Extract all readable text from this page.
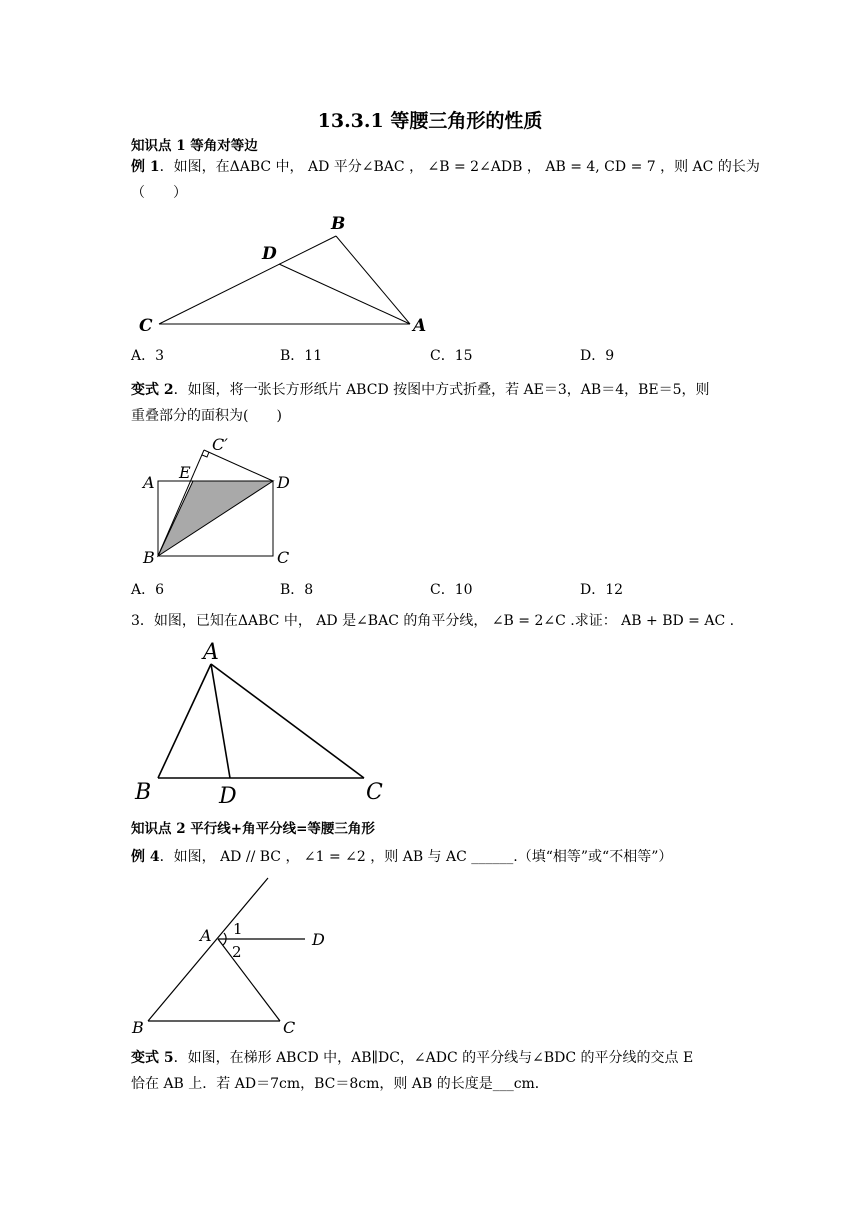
13.3.1 等腰三角形的性质
知识点 1 等角对等边
例 1．如图，在ΔABC 中， AD 平分∠BAC ， ∠B = 2∠ADB ， AB = 4, CD = 7 ，则 AC 的长为
（　　）
B
D
C	A
C′
E
A	D
B	C
A
B	D	C
A	D
B	C
1
2
A．3	B．11	C．15	D．9
变式 2．如图，将一张长方形纸片 ABCD 按图中方式折叠，若 AE＝3，AB＝4，BE＝5，则
重叠部分的面积为(　　)
A．6	B．8	C．10	D．12
3．如图，已知在ΔABC 中， AD 是∠BAC 的角平分线， ∠B = 2∠C .求证： AB + BD = AC .
知识点 2 平行线+角平分线=等腰三角形
例 4．如图， AD // BC ， ∠1 = ∠2 ，则 AB 与 AC ______.（填“相等”或“不相等”）
变式 5．如图，在梯形 ABCD 中，AB∥DC，∠ADC 的平分线与∠BDC 的平分线的交点 E
恰在 AB 上．若 AD＝7cm，BC＝8cm，则 AB 的长度是___cm．
